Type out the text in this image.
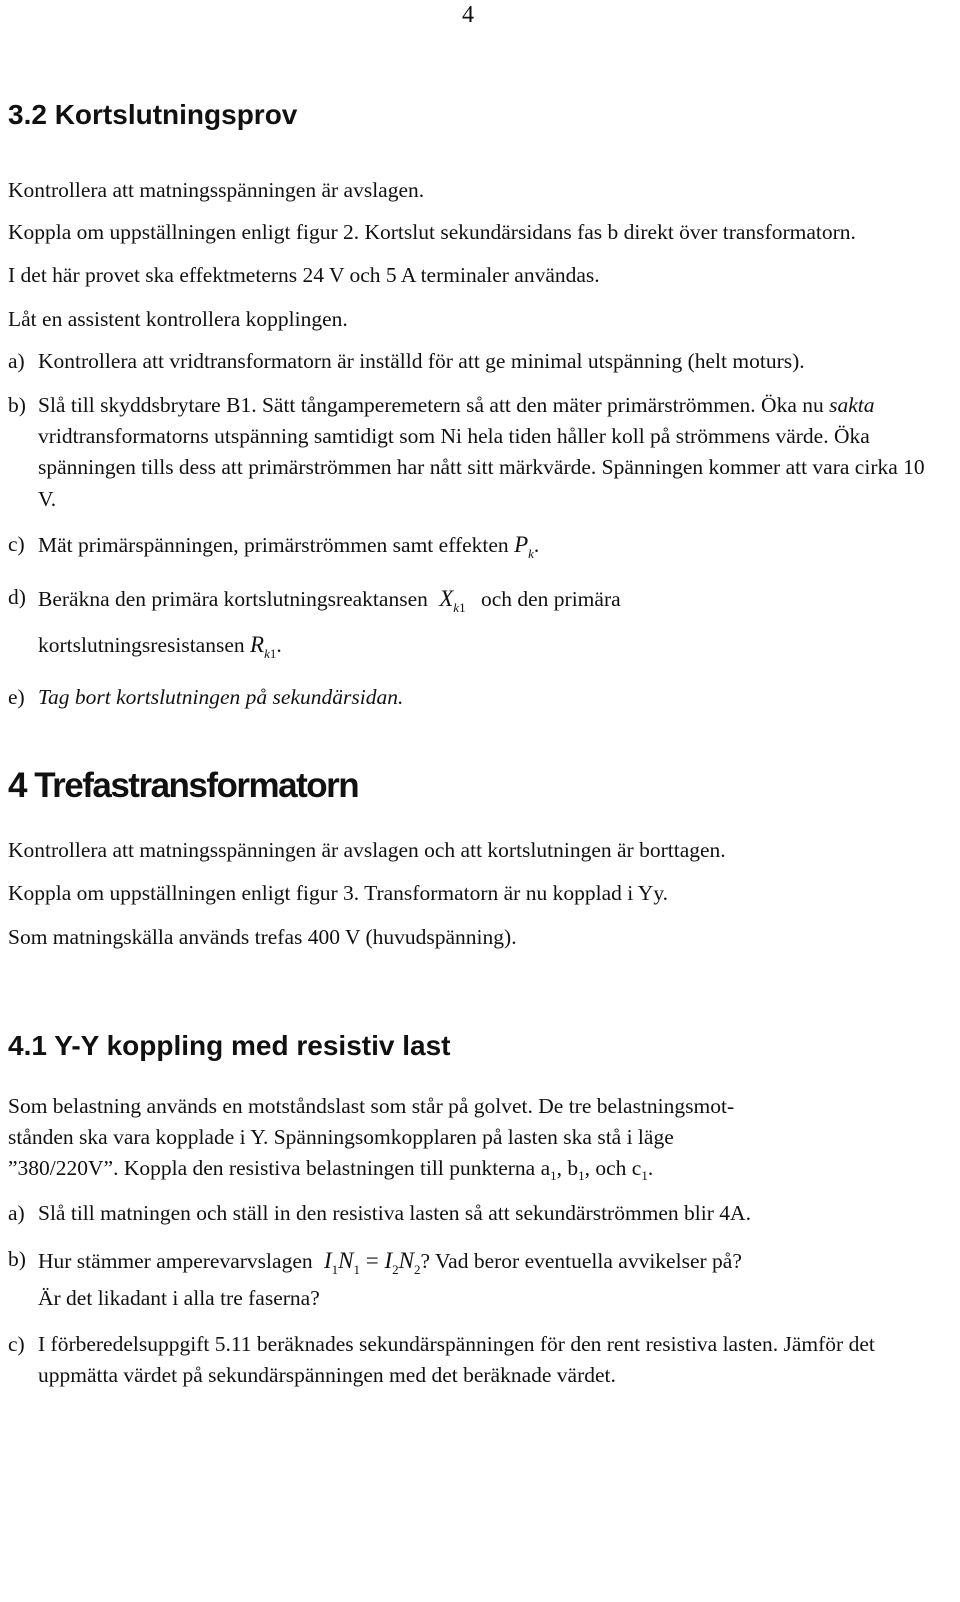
4
3.2 Kortslutningsprov

Kontrollera att matningsspänningen är avslagen.

Koppla om uppställningen enligt figur 2. Kortslut sekundärsidans fas b direkt över transformatorn.

I det här provet ska effektmeterns 24 V och 5 A terminaler användas.

Låt en assistent kontrollera kopplingen.

a) Kontrollera att vridtransformatorn är inställd för att ge minimal utspänning (helt moturs).
b) Slå till skyddsbrytare B1. Sätt tångamperemetern så att den mäter primärströmmen. Öka nu sakta vridtransformatorns utspänning samtidigt som Ni hela tiden håller koll på strömmens värde. Öka spänningen tills dess att primärströmmen har nått sitt märkvärde. Spänningen kommer att vara cirka 10 V.
c) Mät primärspänningen, primärströmmen samt effekten $P_k$.
d) Beräkna den primära kortslutningsreaktansen $X_{k1}$ och den primära
kortslutningsresistansen $R_{k1}$.
e) Tag bort kortslutningen på sekundärsidan.
4 Trefastransformatorn

Kontrollera att matningsspänningen är avslagen och att kortslutningen är borttagen.

Koppla om uppställningen enligt figur 3. Transformatorn är nu kopplad i Yy.

Som matningskälla används trefas 400 V (huvudspänning).

4.1 Y-Y koppling med resistiv last

Som belastning används en motståndslast som står på golvet. De tre belastningsmot-
stånden ska vara kopplade i Y. Spänningsomkopplaren på lasten ska stå i läge
”380/220V”. Koppla den resistiva belastningen till punkterna $a_1$, $b_1$, och $c_1$.

a) Slå till matningen och ställ in den resistiva lasten så att sekundärströmmen blir 4A.
b) Hur stämmer amperevarvslagen $I_1N_1 = I_2N_2$? Vad beror eventuella avvikelser på?
Är det likadant i alla tre faserna?
c) I förberedelsuppgift 5.11 beräknades sekundärspänningen för den rent resistiva lasten. Jämför det uppmätta värdet på sekundärspänningen med det beräknade värdet.
